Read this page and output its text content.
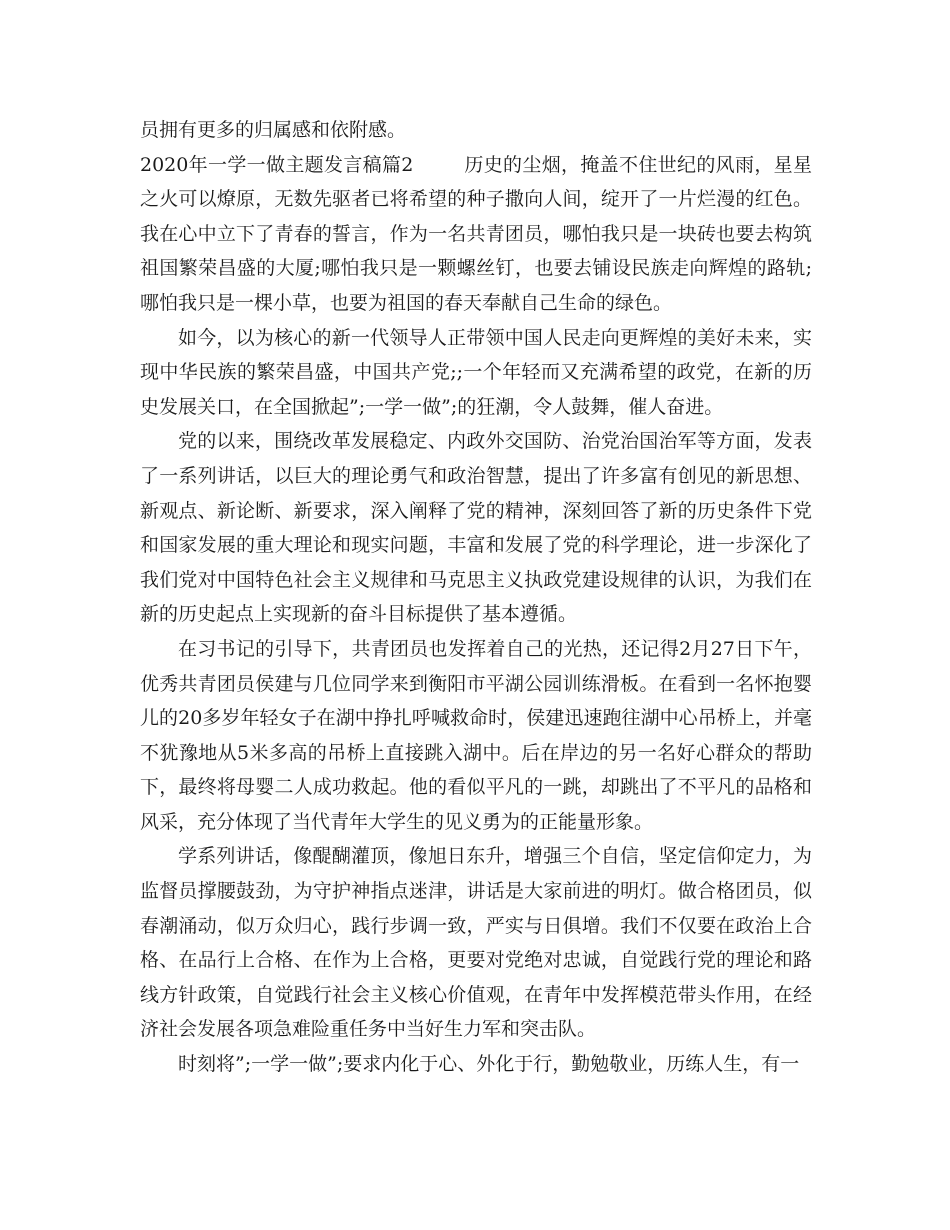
员拥有更多的归属感和依附感。

2020年一学一做主题发言稿篇2	历史的尘烟，掩盖不住世纪的风雨，星星之火可以燎原，无数先驱者已将希望的种子撒向人间，绽开了一片烂漫的红色。我在心中立下了青春的誓言，作为一名共青团员，哪怕我只是一块砖也要去构筑祖国繁荣昌盛的大厦;哪怕我只是一颗螺丝钉，也要去铺设民族走向辉煌的路轨;哪怕我只是一棵小草，也要为祖国的春天奉献自己生命的绿色。

如今，以为核心的新一代领导人正带领中国人民走向更辉煌的美好未来，实现中华民族的繁荣昌盛，中国共产党;;一个年轻而又充满希望的政党，在新的历史发展关口，在全国掀起”;一学一做”;的狂潮，令人鼓舞，催人奋进。

党的以来，围绕改革发展稳定、内政外交国防、治党治国治军等方面，发表了一系列讲话，以巨大的理论勇气和政治智慧，提出了许多富有创见的新思想、新观点、新论断、新要求，深入阐释了党的精神，深刻回答了新的历史条件下党和国家发展的重大理论和现实问题，丰富和发展了党的科学理论，进一步深化了我们党对中国特色社会主义规律和马克思主义执政党建设规律的认识，为我们在新的历史起点上实现新的奋斗目标提供了基本遵循。

在习书记的引导下，共青团员也发挥着自己的光热，还记得2月27日下午，优秀共青团员侯建与几位同学来到衡阳市平湖公园训练滑板。在看到一名怀抱婴儿的20多岁年轻女子在湖中挣扎呼喊救命时，侯建迅速跑往湖中心吊桥上，并毫不犹豫地从5米多高的吊桥上直接跳入湖中。后在岸边的另一名好心群众的帮助下，最终将母婴二人成功救起。他的看似平凡的一跳，却跳出了不平凡的品格和风采，充分体现了当代青年大学生的见义勇为的正能量形象。

学系列讲话，像醍醐灌顶，像旭日东升，增强三个自信，坚定信仰定力，为监督员撑腰鼓劲，为守护神指点迷津，讲话是大家前进的明灯。做合格团员，似春潮涌动，似万众归心，践行步调一致，严实与日俱增。我们不仅要在政治上合格、在品行上合格、在作为上合格，更要对党绝对忠诚，自觉践行党的理论和路线方针政策，自觉践行社会主义核心价值观，在青年中发挥模范带头作用，在经济社会发展各项急难险重任务中当好生力军和突击队。

时刻将”;一学一做”;要求内化于心、外化于行，勤勉敬业，历练人生，有一
